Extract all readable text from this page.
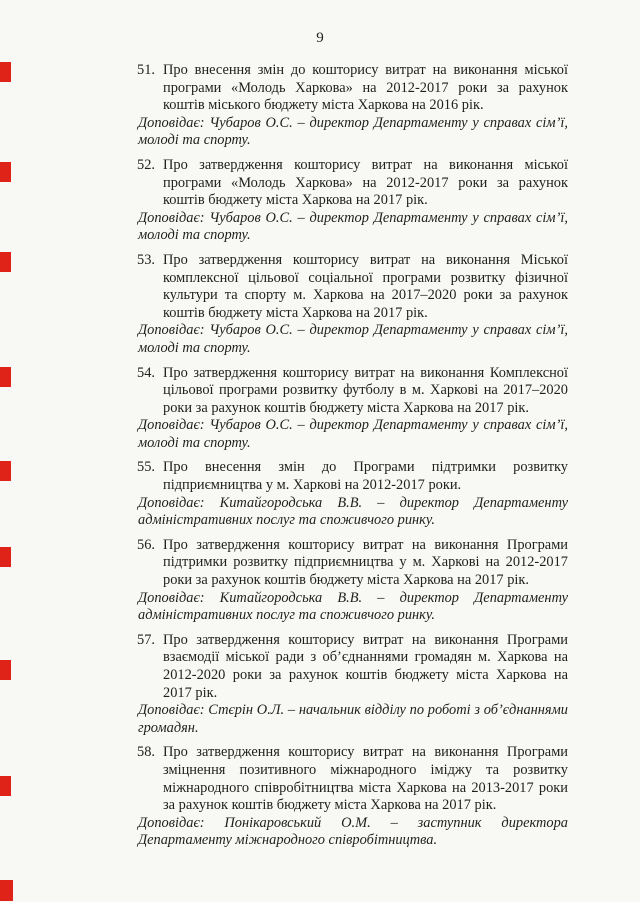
9
51. Про внесення змін до кошторису витрат на виконання міської програми «Молодь Харкова» на 2012-2017 роки за рахунок коштів міського бюджету міста Харкова на 2016 рік.
Доповідає: Чубаров О.С. – директор Департаменту у справах сім’ї, молоді та спорту.
52. Про затвердження кошторису витрат на виконання міської програми «Молодь Харкова» на 2012-2017 роки за рахунок коштів бюджету міста Харкова на 2017 рік.
Доповідає: Чубаров О.С. – директор Департаменту у справах сім’ї, молоді та спорту.
53. Про затвердження кошторису витрат на виконання Міської комплексної цільової соціальної програми розвитку фізичної культури та спорту м. Харкова на 2017–2020 роки за рахунок коштів бюджету міста Харкова на 2017 рік.
Доповідає: Чубаров О.С. – директор Департаменту у справах сім’ї, молоді та спорту.
54. Про затвердження кошторису витрат на виконання Комплексної цільової програми розвитку футболу в м. Харкові на 2017–2020 роки за рахунок коштів бюджету міста Харкова на 2017 рік.
Доповідає: Чубаров О.С. – директор Департаменту у справах сім’ї, молоді та спорту.
55. Про внесення змін до Програми підтримки розвитку підприємництва у м. Харкові на 2012-2017 роки.
Доповідає: Китайгородська В.В. – директор Департаменту адміністративних послуг та споживчого ринку.
56. Про затвердження кошторису витрат на виконання Програми підтримки розвитку підприємництва у м. Харкові на 2012-2017 роки за рахунок коштів бюджету міста Харкова на 2017 рік.
Доповідає: Китайгородська В.В. – директор Департаменту адміністративних послуг та споживчого ринку.
57. Про затвердження кошторису витрат на виконання Програми взаємодії міської ради з об’єднаннями громадян м. Харкова на 2012-2020 роки за рахунок коштів бюджету міста Харкова на 2017 рік.
Доповідає: Стєрін О.Л. – начальник відділу по роботі з об’єднаннями громадян.
58. Про затвердження кошторису витрат на виконання Програми зміцнення позитивного міжнародного іміджу та розвитку міжнародного співробітництва міста Харкова на 2013-2017 роки за рахунок коштів бюджету міста Харкова на 2017 рік.
Доповідає: Понікаровський О.М. – заступник директора Департаменту міжнародного співробітництва.
